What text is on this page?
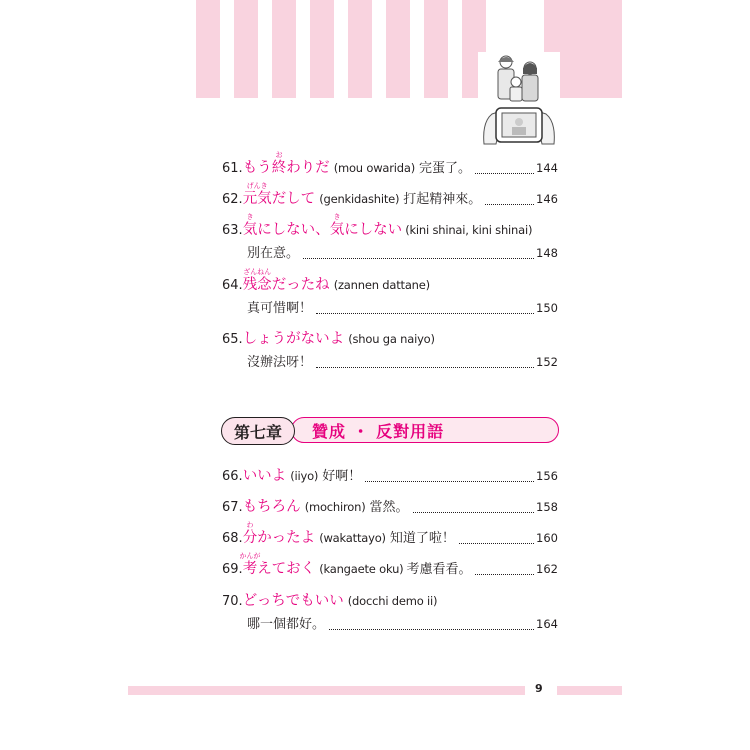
61. もう終
お
わりだ (mou owarida) 完蛋了。	144
62. 元気
げんき
だして (genkidashite) 打起精神來。	146
63. 気
き
にしない、気
き
にしない (kini shinai, kini shinai)
別在意。	148
64. 残念
ざんねん
だったね (zannen dattane)
真可惜啊！	150
65. しょうがないよ (shou ga naiyo)
沒辦法呀！	152
第七章	贊成 ・ 反對用語
66. いいよ (iiyo) 好啊！	156
67. もちろん (mochiron) 當然。	158
68. 分
わ
かったよ (wakattayo) 知道了啦！	160
69. 考
かんが
えておく (kangaete oku) 考慮看看。	162
70. どっちでもいい (docchi demo ii)
哪一個都好。	164
9
